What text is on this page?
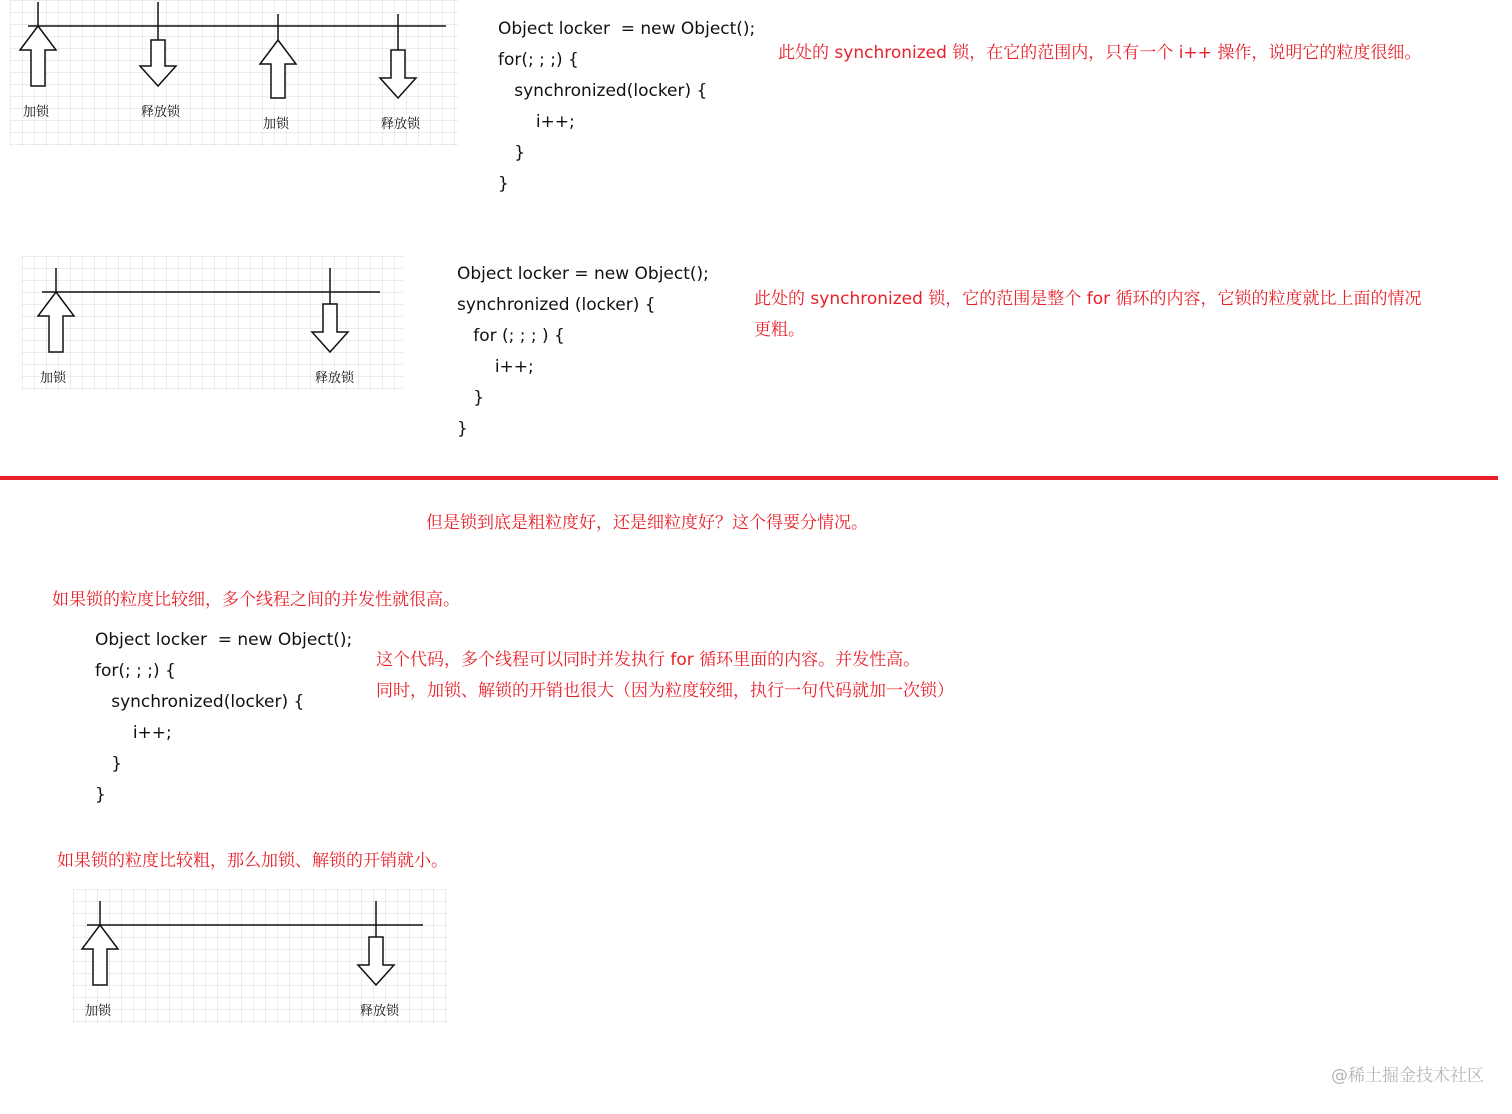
加锁	释放锁
加锁	释放锁
Object locker  = new Object();
for(; ; ;) {
synchronized(locker) {
i++;
}
}
此处的 synchronized 锁，在它的范围内，只有一个 i++ 操作，说明它的粒度很细。
加锁	释放锁
Object locker = new Object();
synchronized (locker) {
for (; ; ; ) {
i++;
}
}
此处的 synchronized 锁，它的范围是整个 for 循环的内容，它锁的粒度就比上面的情况
更粗。
但是锁到底是粗粒度好，还是细粒度好？这个得要分情况。
如果锁的粒度比较细，多个线程之间的并发性就很高。
Object locker  = new Object();
for(; ; ;) {
synchronized(locker) {
i++;
}
}
这个代码，多个线程可以同时并发执行 for 循环里面的内容。并发性高。
同时，加锁、解锁的开销也很大（因为粒度较细，执行一句代码就加一次锁）
如果锁的粒度比较粗，那么加锁、解锁的开销就小。
加锁	释放锁
@稀土掘金技术社区
